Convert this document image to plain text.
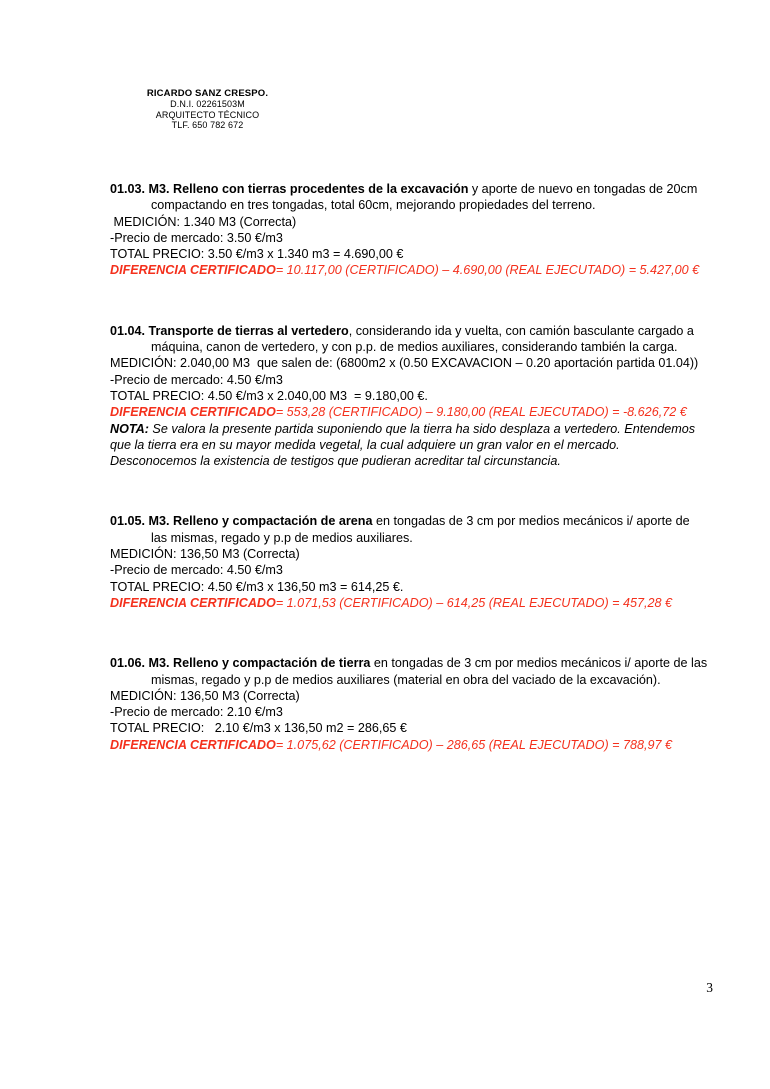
RICARDO SANZ CRESPO.
D.N.I. 02261503M
ARQUITECTO TÉCNICO
TLF. 650 782 672
01.03. M3. Relleno con tierras procedentes de la excavación y aporte de nuevo en tongadas de 20cm compactando en tres tongadas, total 60cm, mejorando propiedades del terreno.
MEDICIÓN: 1.340 M3 (Correcta)
-Precio de mercado: 3.50 €/m3
TOTAL PRECIO: 3.50 €/m3 x 1.340 m3 = 4.690,00 €
DIFERENCIA CERTIFICADO= 10.117,00 (CERTIFICADO) – 4.690,00 (REAL EJECUTADO) = 5.427,00 €
01.04. Transporte de tierras al vertedero, considerando ida y vuelta, con camión basculante cargado a máquina, canon de vertedero, y con p.p. de medios auxiliares, considerando también la carga.
MEDICIÓN: 2.040,00 M3  que salen de: (6800m2 x (0.50 EXCAVACION – 0.20 aportación partida 01.04))
-Precio de mercado: 4.50 €/m3
TOTAL PRECIO: 4.50 €/m3 x 2.040,00 M3  = 9.180,00 €.
DIFERENCIA CERTIFICADO= 553,28 (CERTIFICADO) – 9.180,00 (REAL EJECUTADO) = -8.626,72 €
NOTA: Se valora la presente partida suponiendo que la tierra ha sido desplaza a vertedero. Entendemos que la tierra era en su mayor medida vegetal, la cual adquiere un gran valor en el mercado. Desconocemos la existencia de testigos que pudieran acreditar tal circunstancia.
01.05. M3. Relleno y compactación de arena en tongadas de 3 cm por medios mecánicos i/ aporte de las mismas, regado y p.p de medios auxiliares.
MEDICIÓN: 136,50 M3 (Correcta)
-Precio de mercado: 4.50 €/m3
TOTAL PRECIO: 4.50 €/m3 x 136,50 m3 = 614,25 €.
DIFERENCIA CERTIFICADO= 1.071,53 (CERTIFICADO) – 614,25 (REAL EJECUTADO) = 457,28 €
01.06. M3. Relleno y compactación de tierra en tongadas de 3 cm por medios mecánicos i/ aporte de las mismas, regado y p.p de medios auxiliares (material en obra del vaciado de la excavación).
MEDICIÓN: 136,50 M3 (Correcta)
-Precio de mercado: 2.10 €/m3
TOTAL PRECIO:   2.10 €/m3 x 136,50 m2 = 286,65 €
DIFERENCIA CERTIFICADO= 1.075,62 (CERTIFICADO) – 286,65 (REAL EJECUTADO) = 788,97 €
3
